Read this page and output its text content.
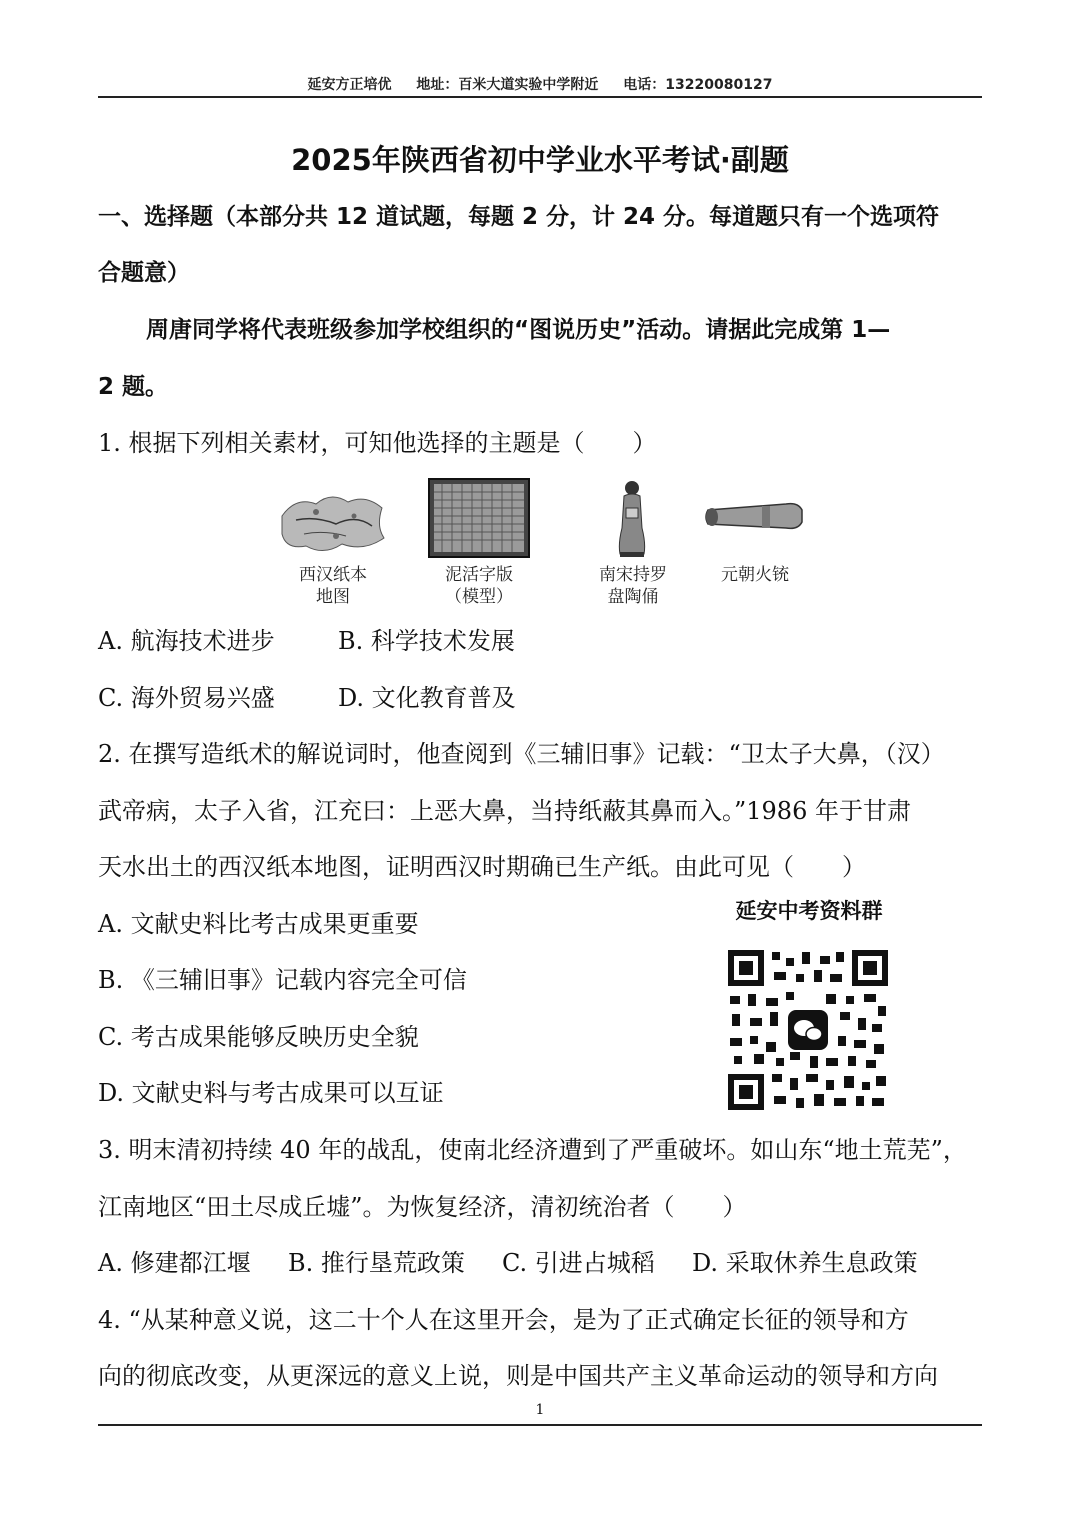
延安方正培优 地址：百米大道实验中学附近 电话：13220080127
2025年陕西省初中学业水平考试·副题
一、选择题（本部分共 12 道试题，每题 2 分，计 24 分。每道题只有一个选项符
合题意）
周唐同学将代表班级参加学校组织的“图说历史”活动。请据此完成第 1—
2 题。
1. 根据下列相关素材，可知他选择的主题是（　　）
西汉纸本
地图
泥活字版
（模型）
南宋持罗
盘陶俑
元朝火铳
A. 航海技术进步	B. 科学技术发展
C. 海外贸易兴盛	D. 文化教育普及
2. 在撰写造纸术的解说词时，他查阅到《三辅旧事》记载：“卫太子大鼻，（汉）
武帝病，太子入省，江充曰：上恶大鼻，当持纸蔽其鼻而入。”1986 年于甘肃
天水出土的西汉纸本地图，证明西汉时期确已生产纸。由此可见（　　）
A. 文献史料比考古成果更重要
B. 《三辅旧事》记载内容完全可信
C. 考古成果能够反映历史全貌
D. 文献史料与考古成果可以互证
延安中考资料群
3. 明末清初持续 40 年的战乱，使南北经济遭到了严重破坏。如山东“地土荒芜”，
江南地区“田土尽成丘墟”。为恢复经济，清初统治者（　　）
A. 修建都江堰 B. 推行垦荒政策 C. 引进占城稻 D. 采取休养生息政策
4. “从某种意义说，这二十个人在这里开会，是为了正式确定长征的领导和方
向的彻底改变，从更深远的意义上说，则是中国共产主义革命运动的领导和方向
1
